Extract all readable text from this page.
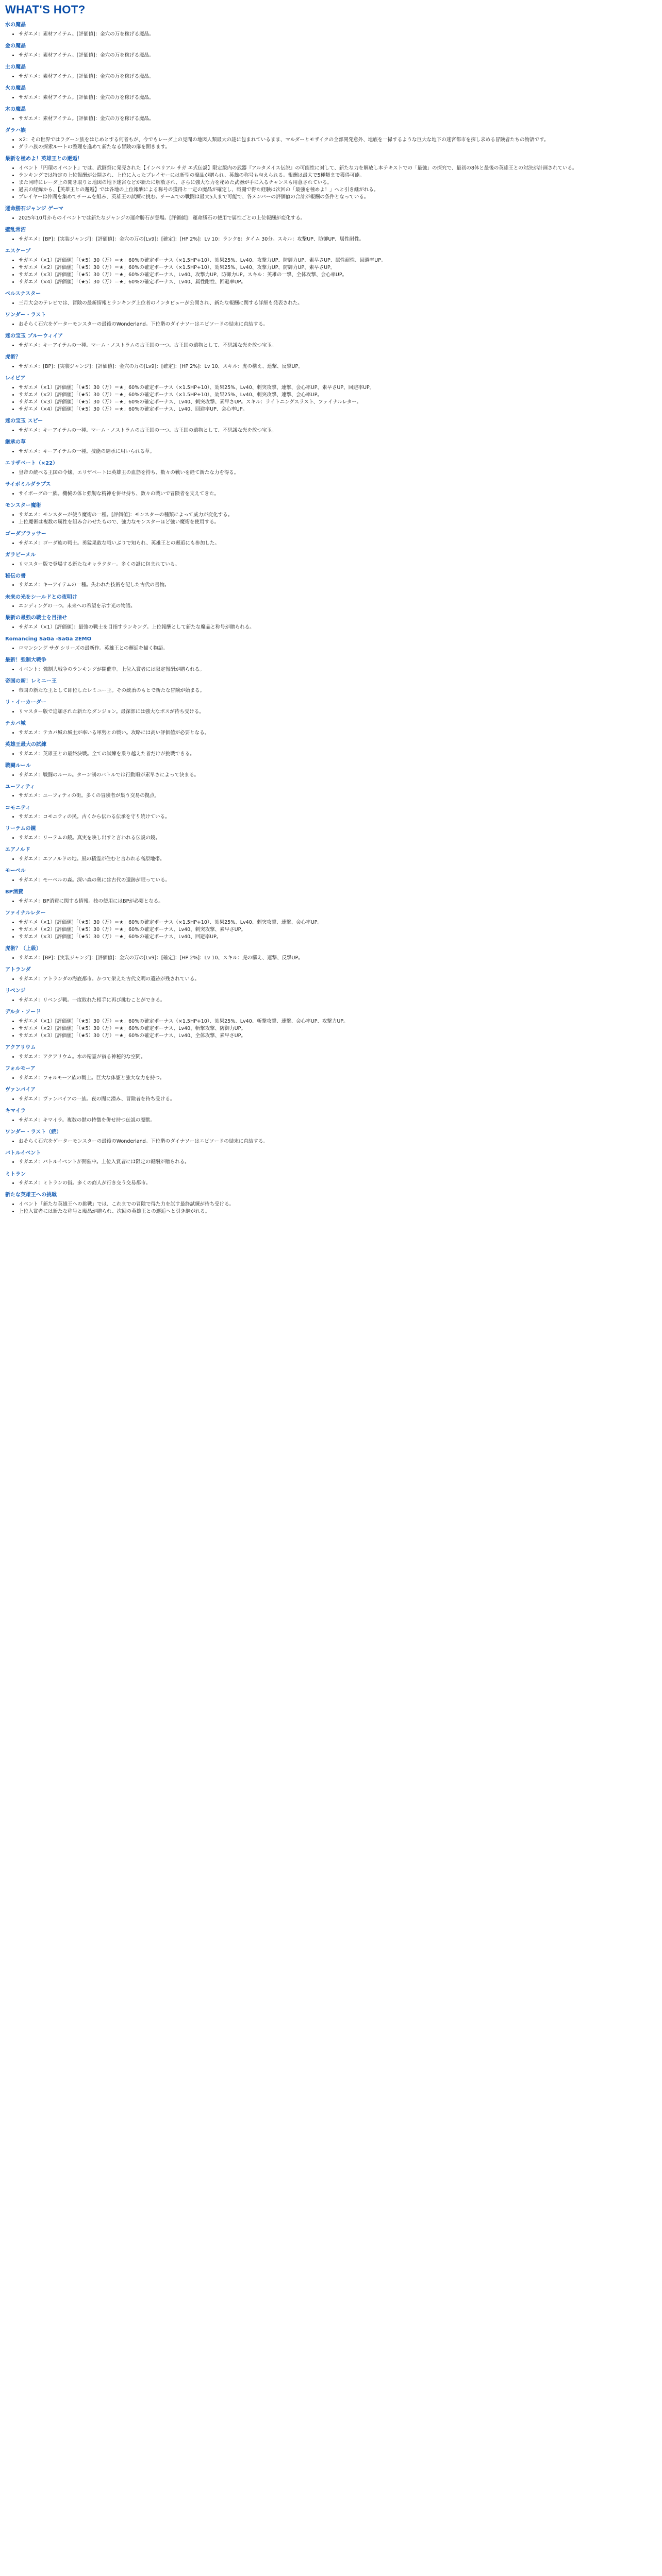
WHAT'S HOT?
水の魔晶
• サガエメ：素材アイテム。[評価値]：金穴の万を稼げる魔晶。
金の魔晶
• サガエメ：素材アイテム。[評価値]：金穴の万を稼げる魔晶。
土の魔晶
• サガエメ：素材アイテム。[評価値]：金穴の万を稼げる魔晶。
火の魔晶
• サガエメ：素材アイテム。[評価値]：金穴の万を稼げる魔晶。
木の魔晶
• サガエメ：素材アイテム。[評価値]：金穴の万を稼げる魔晶。
ダラハ族
• ×2：その世界ではラグーン族をはじめとする何者もが、今でもレーダ上の見聞の地図人類最大の謎に包まれているまま、マルダーとモザイクの全部開発意外、地底を一掃するような巨大な地下の迷宮都市を探し求める冒険者たちの物語です。
• ダラハ族の探索ルートの整理を進めて新たなる冒険の扉を開きます。
最新を極めよ！英雄王との邂逅！
• イベント「円環のイベント」では、武闘祭に発売された【インペリアル サガ エ式伝説】限定版内の武器『アルタメイス伝説』の可能性に対して、新たな力を解放し本テキストでの「最強」の探究で、最初の8体と最後の英雄王との対決が計画されている。
• ランキングでは特定の上位報酬が公開され、上位に入ったプレイヤーには新型の魔晶が贈られ、英雄の称号も与えられる。報酬は最大で5種類まで獲得可能。
• また同時にレーダ上の聞き取りと地図の地下迷宮などが新たに解放され、さらに強大な力を秘めた武器が手に入るチャンスも用意されている。
• 過去の経緯から、【英雄王との邂逅】では各地の上位報酬による称号の獲得と一定の魔晶が確定し、戦闘で得た経験は次回の「最強を極めよ！」へと引き継がれる。
• プレイヤーは仲間を集めてチームを組み、英雄王の試練に挑む。チームでの戦闘は最大5人まで可能で、各メンバーの評価値の合計が報酬の条件となっている。
運命勝石ジャンジ ゲーマ
• 2025年10月からのイベントでは新たなジャンジの運命勝石が登場。[評価値]：運命勝石の使用で属性ごとの上位報酬が変化する。
壁乱常沼
• サガエメ：[BP]：[実装ジャンジ]：[評価値]：金穴の万の[Lv9]：[確定]：[HP 2%]：Lv 10：ランク6：タイム 30分。スキル：攻撃UP、防御UP、属性耐性。
エスケープ
• サガエメ（×1）[評価値]「（★5）30（万）＝★」60%の確定ポーナス（×1.5HP+10）、効果25%、Lv40、攻撃力UP、防御力UP、素早さUP、属性耐性、回避率UP。
• サガエメ（×2）[評価値]「（★5）30（万）＝★」60%の確定ポーナス（×1.5HP+10）、効果25%、Lv40、攻撃力UP、防御力UP、素早さUP。
• サガエメ（×3）[評価値]「（★5）30（万）＝★」60%の確定ポーナス、Lv40、攻撃力UP、防御力UP。スキル：英雄の一撃、全体攻撃、会心率UP。
• サガエメ（×4）[評価値]「（★5）30（万）＝★」60%の確定ポーナス、Lv40、属性耐性、回避率UP。
ベルスナスター
• 三月大会のテレビでは、冒険の最新情報とランキング上位者のインタビューが公開され、新たな報酬に関する詳細も発表された。
ワンダー・ラスト
• おそらく石穴をゲーターモンスターの最後のWonderland。下位階のダイナソーはエピソードの結末に直結する。
迷の宝玉 ブルーウィイア
• サガエメ：キーアイテムの一種。マーム・ノストラムの古王国の一つ。古王国の遺物として、不思議な光を放つ宝玉。
虎術？
• サガエメ：[BP]：[実装ジャンジ]：[評価値]：金穴の万の[Lv9]：[確定]：[HP 2%]：Lv 10、スキル：虎の構え、連撃、反撃UP。
レイピア
• サガエメ（×1）[評価値]「（★5）30（万）＝★」60%の確定ポーナス（×1.5HP+10）、効果25%、Lv40、刺突攻撃、連撃、会心率UP、素早さUP、回避率UP。
• サガエメ（×2）[評価値]「（★5）30（万）＝★」60%の確定ポーナス（×1.5HP+10）、効果25%、Lv40、刺突攻撃、連撃、会心率UP。
• サガエメ（×3）[評価値]「（★5）30（万）＝★」60%の確定ポーナス、Lv40、刺突攻撃、素早さUP。スキル：ライトニングスラスト、ファイナルレター。
• サガエメ（×4）[評価値]「（★5）30（万）＝★」60%の確定ポーナス、Lv40、回避率UP、会心率UP。
迷の宝玉 スピー
• サガエメ：キーアイテムの一種。マーム・ノストラムの古王国の一つ。古王国の遺物として、不思議な光を放つ宝玉。
継承の草
• サガエメ：キーアイテムの一種。技能の継承に用いられる草。
エリザベート（×22）
• 皇帝の統べる王国の令嬢。エリザベートは英雄王の血筋を持ち、数々の戦いを経て新たな力を得る。
サイボミルダラプス
• サイボーグの一族。機械の体と強靭な精神を併せ持ち、数々の戦いで冒険者を支えてきた。
モンスター魔術
• サガエメ：モンスターが使う魔術の一種。[評価値]：モンスターの種類によって威力が変化する。
• 上位魔術は複数の属性を組み合わせたもので、強力なモンスターほど強い魔術を使用する。
ゴーダブラッサー
• サガエメ：ゴーダ族の戦士。勇猛果敢な戦いぶりで知られ、英雄王との邂逅にも参加した。
ガラビーメル
• リマスター版で登場する新たなキャラクター。多くの謎に包まれている。
秘伝の書
• サガエメ：キーアイテムの一種。失われた技術を記した古代の書物。
未来の光をシールドとの夜明け
• エンディングの一つ。未来への希望を示す光の物語。
最新の最強の戦士を目指せ
• サガエメ（×1）[評価値]：最強の戦士を目指すランキング。上位報酬として新たな魔晶と称号が贈られる。
Romancing SaGa -SaGa 2EMO
• ロマンシング サガ シリーズの最新作。英雄王との邂逅を描く物語。
最新！強制大戦争
• イベント：強制大戦争のランキングが開催中。上位入賞者には限定報酬が贈られる。
帝国の新！レミニー王
• 帝国の新たな王として即位したレミニー王。その統治のもとで新たな冒険が始まる。
リ・イーカーダー
• リマスター版で追加された新たなダンジョン。最深部には強大なボスが待ち受ける。
テカパ城
• サガエメ：テカパ城の城主が率いる軍勢との戦い。攻略には高い評価値が必要となる。
英雄王最大の試練
• サガエメ：英雄王との最終決戦。全ての試練を乗り越えた者だけが挑戦できる。
戦闘ルール
• サガエメ：戦闘のルール。ターン制のバトルでは行動順が素早さによって決まる。
ユーフィティ
• サガエメ：ユーフィティの街。多くの冒険者が集う交易の拠点。
コモニティ
• サガエメ：コモニティの民。古くから伝わる伝承を守り続けている。
リーテムの鏡
• サガエメ：リーテムの鏡。真実を映し出すと言われる伝説の鏡。
エアノルド
• サガエメ：エアノルドの地。風の精霊が住むと言われる高原地帯。
モーベル
• サガエメ：モーベルの森。深い森の奥には古代の遺跡が眠っている。
BP消費
• サガエメ：BP消費に関する情報。技の使用にはBPが必要となる。
ファイナルレター
• サガエメ（×1）[評価値]「（★5）30（万）＝★」60%の確定ポーナス（×1.5HP+10）、効果25%、Lv40、刺突攻撃、連撃、会心率UP。
• サガエメ（×2）[評価値]「（★5）30（万）＝★」60%の確定ポーナス、Lv40、刺突攻撃、素早さUP。
• サガエメ（×3）[評価値]「（★5）30（万）＝★」60%の確定ポーナス、Lv40、回避率UP。
虎術？（上級）
• サガエメ：[BP]：[実装ジャンジ]：[評価値]：金穴の万の[Lv9]：[確定]：[HP 2%]：Lv 10、スキル：虎の構え、連撃、反撃UP。
アトランダ
• サガエメ：アトランダの海底都市。かつて栄えた古代文明の遺跡が残されている。
リベンジ
• サガエメ：リベンジ戦。一度敗れた相手に再び挑むことができる。
デルタ・ソード
• サガエメ（×1）[評価値]「（★5）30（万）＝★」60%の確定ポーナス（×1.5HP+10）、効果25%、Lv40、斬撃攻撃、連撃、会心率UP、攻撃力UP。
• サガエメ（×2）[評価値]「（★5）30（万）＝★」60%の確定ポーナス、Lv40、斬撃攻撃、防御力UP。
• サガエメ（×3）[評価値]「（★5）30（万）＝★」60%の確定ポーナス、Lv40、全体攻撃、素早さUP。
アクアリウム
• サガエメ：アクアリウム。水の精霊が宿る神秘的な空間。
フォルモーア
• サガエメ：フォルモーア族の戦士。巨大な体躯と強大な力を持つ。
ヴァンパイア
• サガエメ：ヴァンパイアの一族。夜の闇に潜み、冒険者を待ち受ける。
キマイラ
• サガエメ：キマイラ。複数の獣の特徴を併せ持つ伝説の魔獣。
ワンダー・ラスト（続）
• おそらく石穴をゲーターモンスターの最後のWonderland。下位階のダイナソーはエピソードの結末に直結する。
バトルイベント
• サガエメ：バトルイベントが開催中。上位入賞者には限定の報酬が贈られる。
ミトラン
• サガエメ：ミトランの街。多くの商人が行き交う交易都市。
新たな英雄王への挑戦
• イベント「新たな英雄王への挑戦」では、これまでの冒険で得た力を試す最終試練が待ち受ける。
• 上位入賞者には新たな称号と魔晶が贈られ、次回の英雄王との邂逅へと引き継がれる。
